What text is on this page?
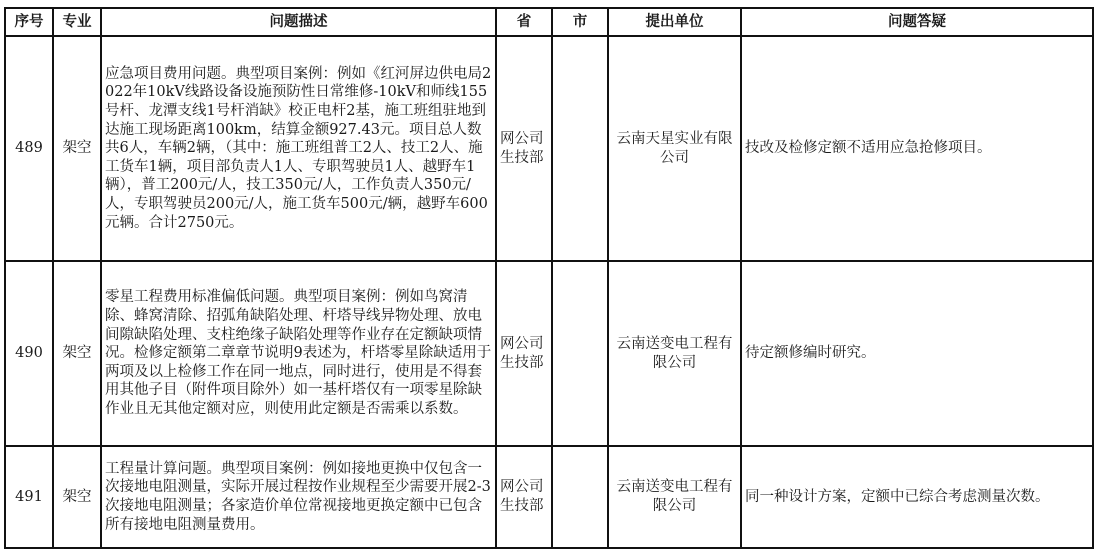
序号	专业	问题描述	省	市	提出单位	问题答疑
489	架空	应急项目费用问题。典型项目案例：例如《红河屏边供电局2022年10kV线路设备设施预防性日常维修-10kV和师线155号杆、龙潭支线1号杆消缺》校正电杆2基，施工班组驻地到达施工现场距离100km，结算金额927.43元。项目总人数共6人，车辆2辆，（其中：施工班组普工2人、技工2人、施工货车1辆，项目部负责人1人、专职驾驶员1人、越野车1辆），普工200元/人，技工350元/人，工作负责人350元/人，专职驾驶员200元/人，施工货车500元/辆，越野车600元辆。合计2750元。	网公司生技部		云南天星实业有限公司	技改及检修定额不适用应急抢修项目。
490	架空	零星工程费用标准偏低问题。典型项目案例：例如鸟窝清除、蜂窝清除、招弧角缺陷处理、杆塔导线异物处理、放电间隙缺陷处理、支柱绝缘子缺陷处理等作业存在定额缺项情况。检修定额第二章章节说明9表述为，杆塔零星除缺适用于两项及以上检修工作在同一地点，同时进行，使用是不得套用其他子目（附件项目除外）如一基杆塔仅有一项零星除缺作业且无其他定额对应，则使用此定额是否需乘以系数。	网公司生技部		云南送变电工程有限公司	待定额修编时研究。
491	架空	工程量计算问题。典型项目案例：例如接地更换中仅包含一次接地电阻测量，实际开展过程按作业规程至少需要开展2-3次接地电阻测量；各家造价单位常视接地更换定额中已包含所有接地电阻测量费用。	网公司生技部		云南送变电工程有限公司	同一种设计方案，定额中已综合考虑测量次数。
